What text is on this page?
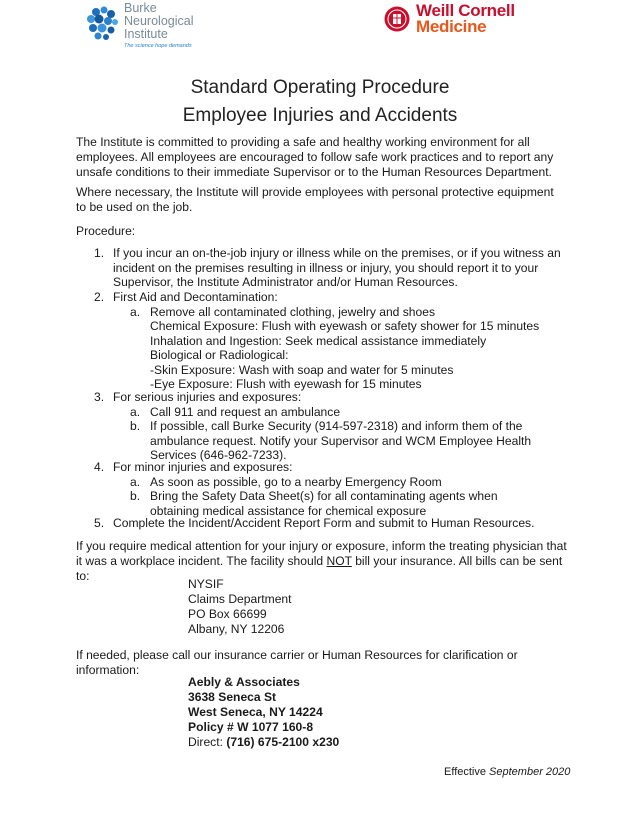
Burke
Neurological
Institute
The science hope demands
Weill Cornell
Medicine
Standard Operating Procedure
Employee Injuries and Accidents
The Institute is committed to providing a safe and healthy working environment for all employees. All employees are encouraged to follow safe work practices and to report any unsafe conditions to their immediate Supervisor or to the Human Resources Department.
Where necessary, the Institute will provide employees with personal protective equipment to be used on the job.
Procedure:
1. If you incur an on-the-job injury or illness while on the premises, or if you witness an incident on the premises resulting in illness or injury, you should report it to your Supervisor, the Institute Administrator and/or Human Resources.
2. First Aid and Decontamination:
a. Remove all contaminated clothing, jewelry and shoes
Chemical Exposure: Flush with eyewash or safety shower for 15 minutes
Inhalation and Ingestion: Seek medical assistance immediately
Biological or Radiological:
-Skin Exposure: Wash with soap and water for 5 minutes
-Eye Exposure: Flush with eyewash for 15 minutes
3. For serious injuries and exposures:
a. Call 911 and request an ambulance
b. If possible, call Burke Security (914-597-2318) and inform them of the ambulance request. Notify your Supervisor and WCM Employee Health Services (646-962-7233).
4. For minor injuries and exposures:
a. As soon as possible, go to a nearby Emergency Room
b. Bring the Safety Data Sheet(s) for all contaminating agents when obtaining medical assistance for chemical exposure
5. Complete the Incident/Accident Report Form and submit to Human Resources.
If you require medical attention for your injury or exposure, inform the treating physician that it was a workplace incident. The facility should NOT bill your insurance. All bills can be sent to:
NYSIF
Claims Department
PO Box 66699
Albany, NY 12206
If needed, please call our insurance carrier or Human Resources for clarification or information:
Aebly & Associates
3638 Seneca St
West Seneca, NY 14224
Policy # W 1077 160-8
Direct: (716) 675-2100 x230
Effective September 2020
